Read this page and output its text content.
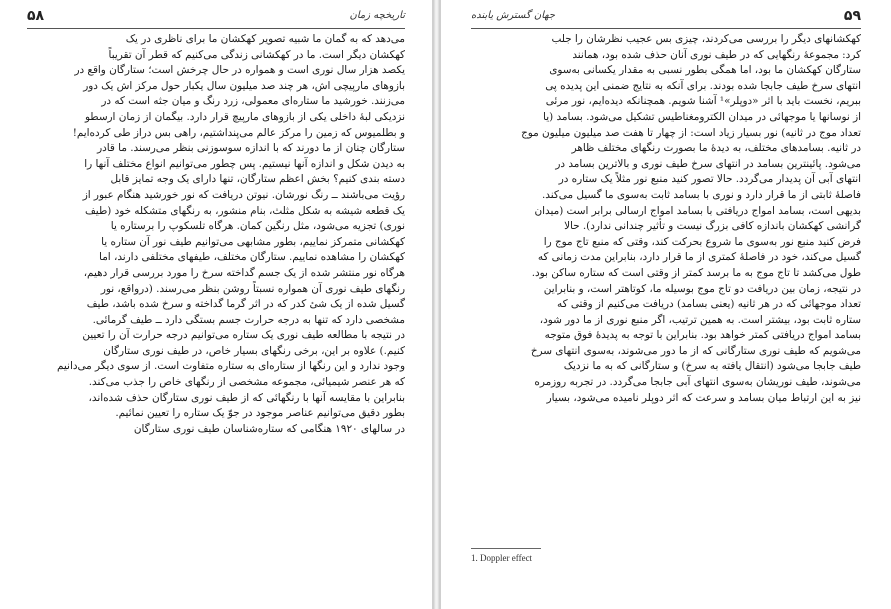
۵۸	تاریخچه زمان

می‌دهد که به گمان ما شبیه تصویر کهکشان ما برای ناظری در یک

کهکشان دیگر است. ما در کهکشانی زندگی می‌کنیم که قطر آن تقریباً

یکصد هزار سال نوری است و همواره در حال چرخش است؛ ستارگان واقع در

بازوهای مارپیچی اش، هر چند صد میلیون سال یکبار حول مرکز اش یک دور

می‌زنند. خورشید ما ستاره‌ای معمولی، زرد رنگ و میان جثه است که در

نزدیکی لبهٔ داخلی یکی از بازوهای مارپیچ قرار دارد. بیگمان از زمان ارسطو

و بطلمیوس که زمین را مرکز عالم می‌پنداشتیم، راهی بس دراز طی کرده‌ایم!

ستارگان چنان از ما دورند که با اندازه سوسوزنی بنظر می‌رسند. ما قادر

به دیدن شکل و اندازه آنها نیستیم. پس چطور می‌توانیم انواع مختلف آنها را

دسته بندی کنیم؟ بخش اعظم ستارگان، تنها دارای یک وجه تمایز قابل

رؤیت می‌باشند ــ رنگ نورشان. نیوتن دریافت که نور خورشید هنگام عبور از

یک قطعه شیشه به شکل مثلث، بنام منشور، به رنگهای متشکله خود (طیف

نوری) تجزیه می‌شود، مثل رنگین کمان. هرگاه تلسکوپ را برستاره یا

کهکشانی متمرکز نماییم، بطور مشابهی می‌توانیم طیف نور آن ستاره یا

کهکشان را مشاهده نماییم. ستارگان مختلف، طیفهای مختلفی دارند، اما

هرگاه نور منتشر شده از یک جسم گداخته سرخ را مورد بررسی قرار دهیم،

رنگهای طیف نوری آن همواره نسبتاً روشن بنظر می‌رسند. (درواقع، نور

گسیل شده از یک شئ کدر که در اثر گرما گداخته و سرخ شده باشد، طیف

مشخصی دارد که تنها به درجه حرارت جسم بستگی دارد ــ طیف گرمائی.

در نتیجه با مطالعه طیف نوری یک ستاره می‌توانیم درجه حرارت آن را تعیین

کنیم.) علاوه بر این، برخی رنگهای بسیار خاص، در طیف نوری ستارگان

وجود ندارد و این رنگها از ستاره‌ای به ستاره متفاوت است. از سوی دیگر می‌دانیم

که هر عنصر شیمیائی، مجموعه مشخصی از رنگهای خاص را جذب می‌کند.

بنابراین با مقایسه آنها با رنگهائی که از طیف نوری ستارگان حذف شده‌اند،

بطور دقیق می‌توانیم عناصر موجود در جوّ یک ستاره را تعیین نمائیم.

در سالهای ۱۹۲۰ هنگامی که ستاره‌شناسان طیف نوری ستارگان

۵۹
جهان گسترش یابنده

کهکشانهای دیگر را بررسی می‌کردند، چیزی بس عجیب نظرشان را جلب

کرد: مجموعهٔ رنگهایی که در طیف نوری آنان حذف شده بود، همانند

ستارگان کهکشان ما بود، اما همگی بطور نسبی به مقدار یکسانی به‌سوی

انتهای سرخ طیف جابجا شده بودند. برای آنکه به نتایج ضمنی این پدیده پی

ببریم، نخست باید با اثر «دوپلر»¹ آشنا شویم. همچنانکه دیده‌ایم، نور مرئی

از نوسانها یا موجهائی در میدان الکترومغناطیس تشکیل می‌شود. بسامد (یا

تعداد موج در ثانیه) نور بسیار زیاد است: از چهار تا هفت صد میلیون میلیون موج

در ثانیه. بسامدهای مختلف، به دیدهٔ ما بصورت رنگهای مختلف ظاهر

می‌شود. پائینترین بسامد در انتهای سرخ طیف نوری و بالاترین بسامد در

انتهای آبی آن پدیدار می‌گردد. حالا تصور کنید منبع نور مثلاً یک ستاره در

فاصلهٔ ثابتی از ما قرار دارد و نوری با بسامد ثابت به‌سوی ما گسیل می‌کند.

بدیهی است، بسامد امواج دریافتی با بسامد امواج ارسالی برابر است (میدان

گرانشی کهکشان باندازه کافی بزرگ نیست و تأثیر چندانی ندارد). حالا

فرض کنید منبع نور به‌سوی ما شروع بحرکت کند، وقتی که منبع تاج موج را

گسیل می‌کند، خود در فاصلهٔ کمتری از ما قرار دارد، بنابراین مدت زمانی که

طول می‌کشد تا تاج موج به ما برسد کمتر از وقتی است که ستاره ساکن بود.

در نتیجه، زمان بین دریافت دو تاج موج بوسیله ما، کوتاهتر است، و بنابراین

تعداد موجهائی که در هر ثانیه (یعنی بسامد) دریافت می‌کنیم از وقتی که

ستاره ثابت بود، بیشتر است. به همین ترتیب، اگر منبع نوری از ما دور شود،

بسامد امواج دریافتی کمتر خواهد بود. بنابراین با توجه به پدیدهٔ فوق متوجه

می‌شویم که طیف نوری ستارگانی که از ما دور می‌شوند، به‌سوی انتهای سرخ

طیف جابجا می‌شود (انتقال یافته به سرخ) و ستارگانی که به ما نزدیک

می‌شوند، طیف نوریشان به‌سوی انتهای آبی جابجا می‌گردد. در تجربه روزمره

نیز به این ارتباط میان بسامد و سرعت که اثر دوپلر نامیده می‌شود، بسیار

1. Doppler effect
